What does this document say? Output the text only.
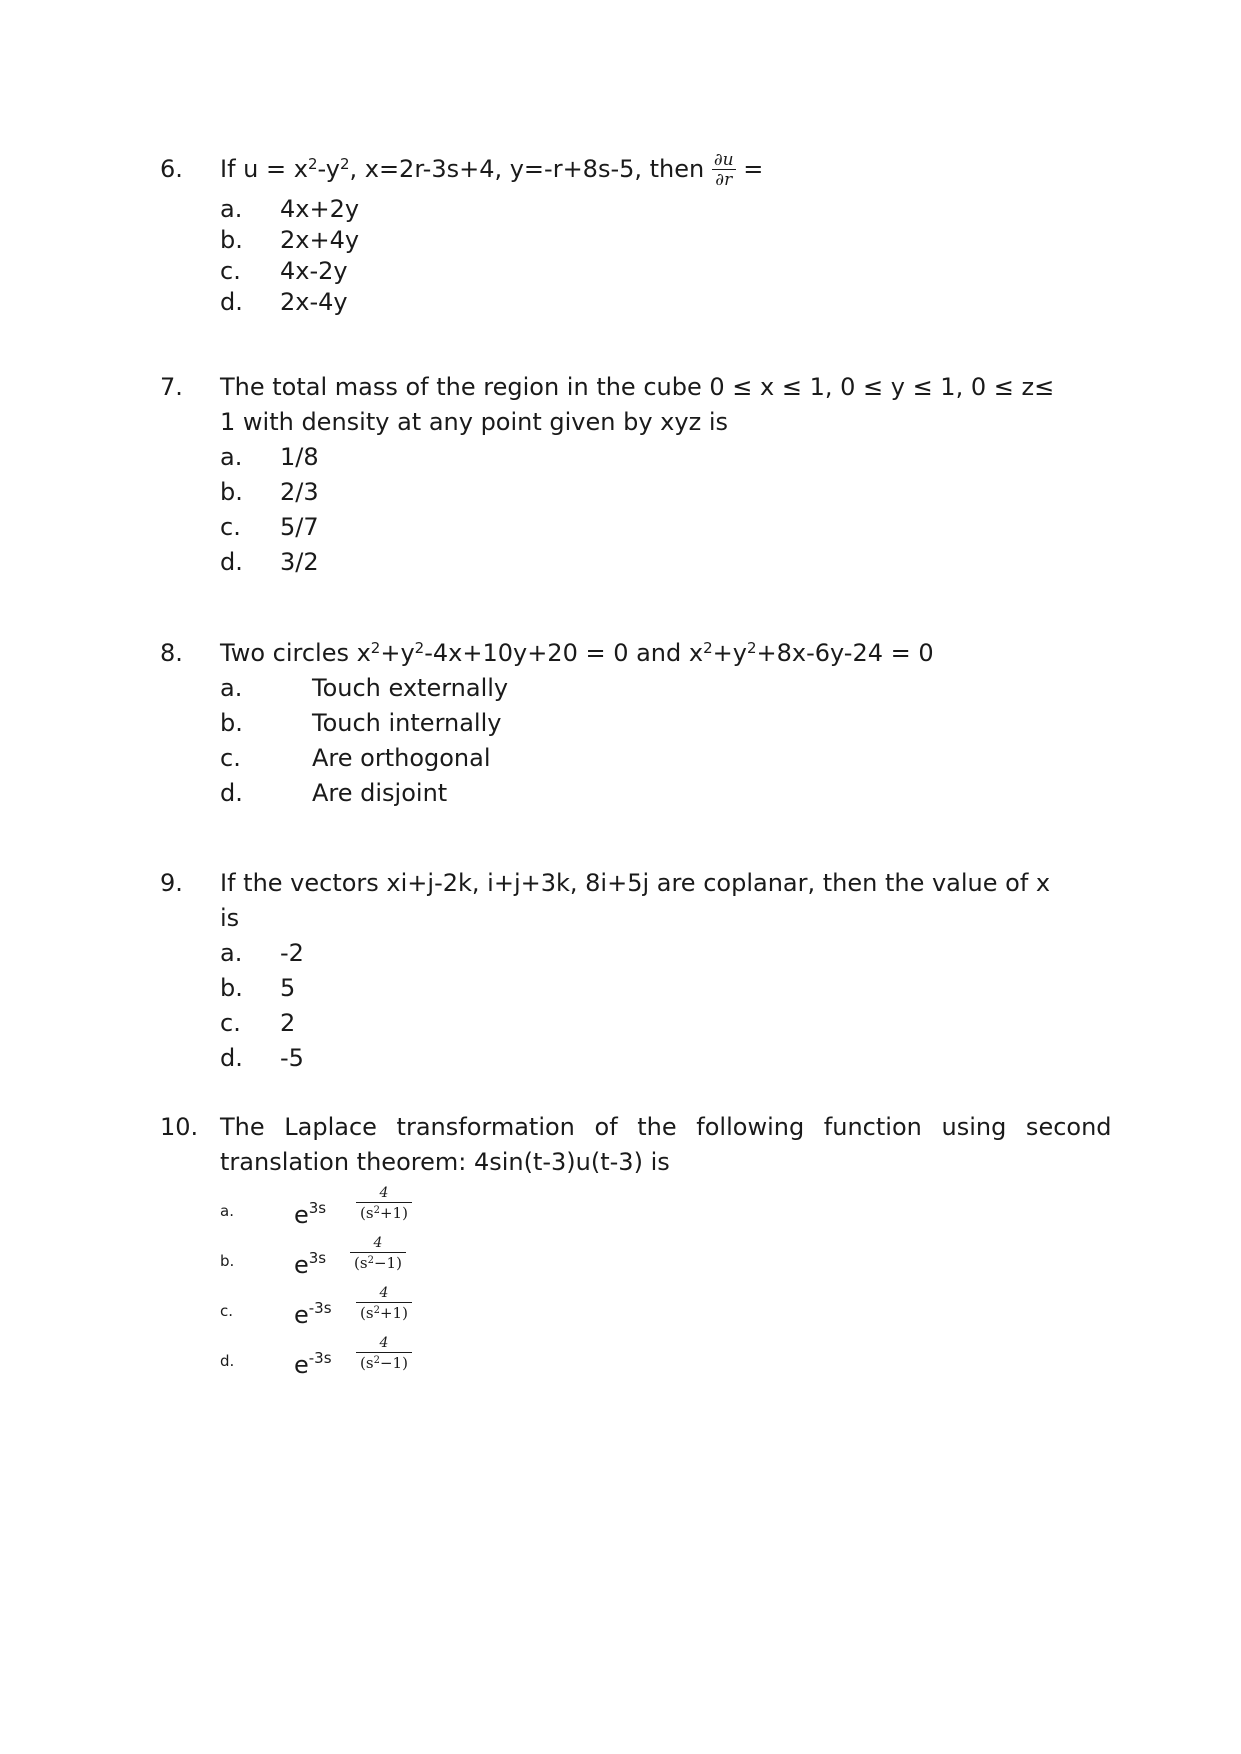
6. If $u = x^2-y^2$, x=2r-3s+4, y=-r+8s-5, then $\frac{\partial u}{\partial r}$ =
a. 4x+2y
b. 2x+4y
c. 4x-2y
d. 2x-4y
7. The total mass of the region in the cube 0 ≤ x ≤ 1, 0 ≤ y ≤ 1, 0 ≤ z≤
1 with density at any point given by xyz is
a. 1/8
b. 2/3
c. 5/7
d. 3/2
8. Two circles $x^2+y^2-4x+10y+20 = 0$ and $x^2+y^2+8x-6y-24 = 0$
a.	Touch externally
b.	Touch internally
c.	Are orthogonal
d.	Are disjoint
9. If the vectors xi+j-2k, i+j+3k, 8i+5j are coplanar, then the value of x
is
a. -2
b. 5
c. 2
d. -5
10. The Laplace transformation of the following function using second
translation theorem: 4sin(t-3)u(t-3) is
a.	$e^{3s}$
4
$(s^2+1)$
b. $e^{3s}$
4
$(s^2-1)$
c.	$e^{-3s}$
4
$(s^2+1)$
d. $e^{-3s}$
4
$(s^2-1)$
